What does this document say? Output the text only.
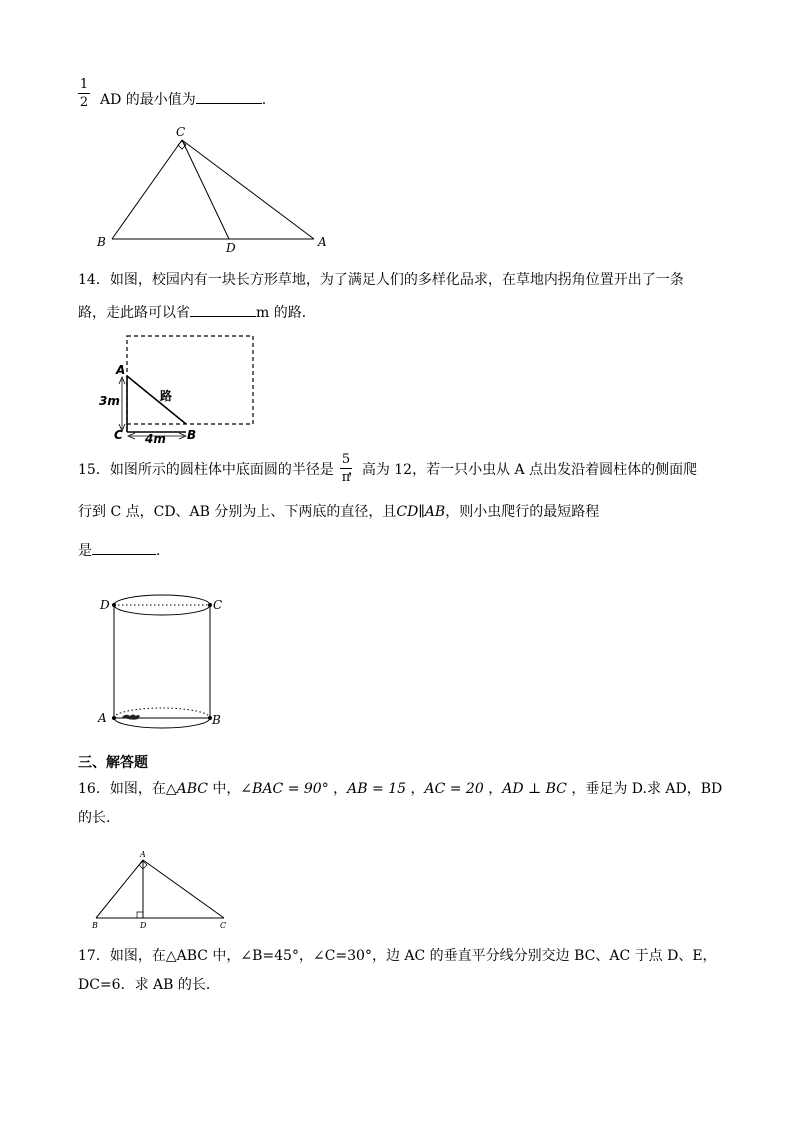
1
2 AD 的最小值为	.
C
B	D	A
14．如图，校园内有一块长方形草地，为了满足人们的多样化品求，在草地内拐角位置开出了一条
路，走此路可以省	m 的路．
A
C	B
3m
4m
路
15．如图所示的圆柱体中底面圆的半径是 ，高为 12，若一只小虫从 A 点出发沿着圆柱体的侧面爬
5
π
行到 C 点，CD、AB 分别为上、下两底的直径，且CD∥AB，则小虫爬行的最短路程
是	．
D	C
A	B
三、解答题
16．如图，在△ABC 中，∠BAC = 90° ，AB = 15 ，AC = 20 ，AD ⊥ BC ，垂足为 D.求 AD，BD
的长.
A
B	D	C
17．如图，在△ABC 中，∠B=45°，∠C=30°，边 AC 的垂直平分线分别交边 BC、AC 于点 D、E，
DC=6．求 AB 的长．
